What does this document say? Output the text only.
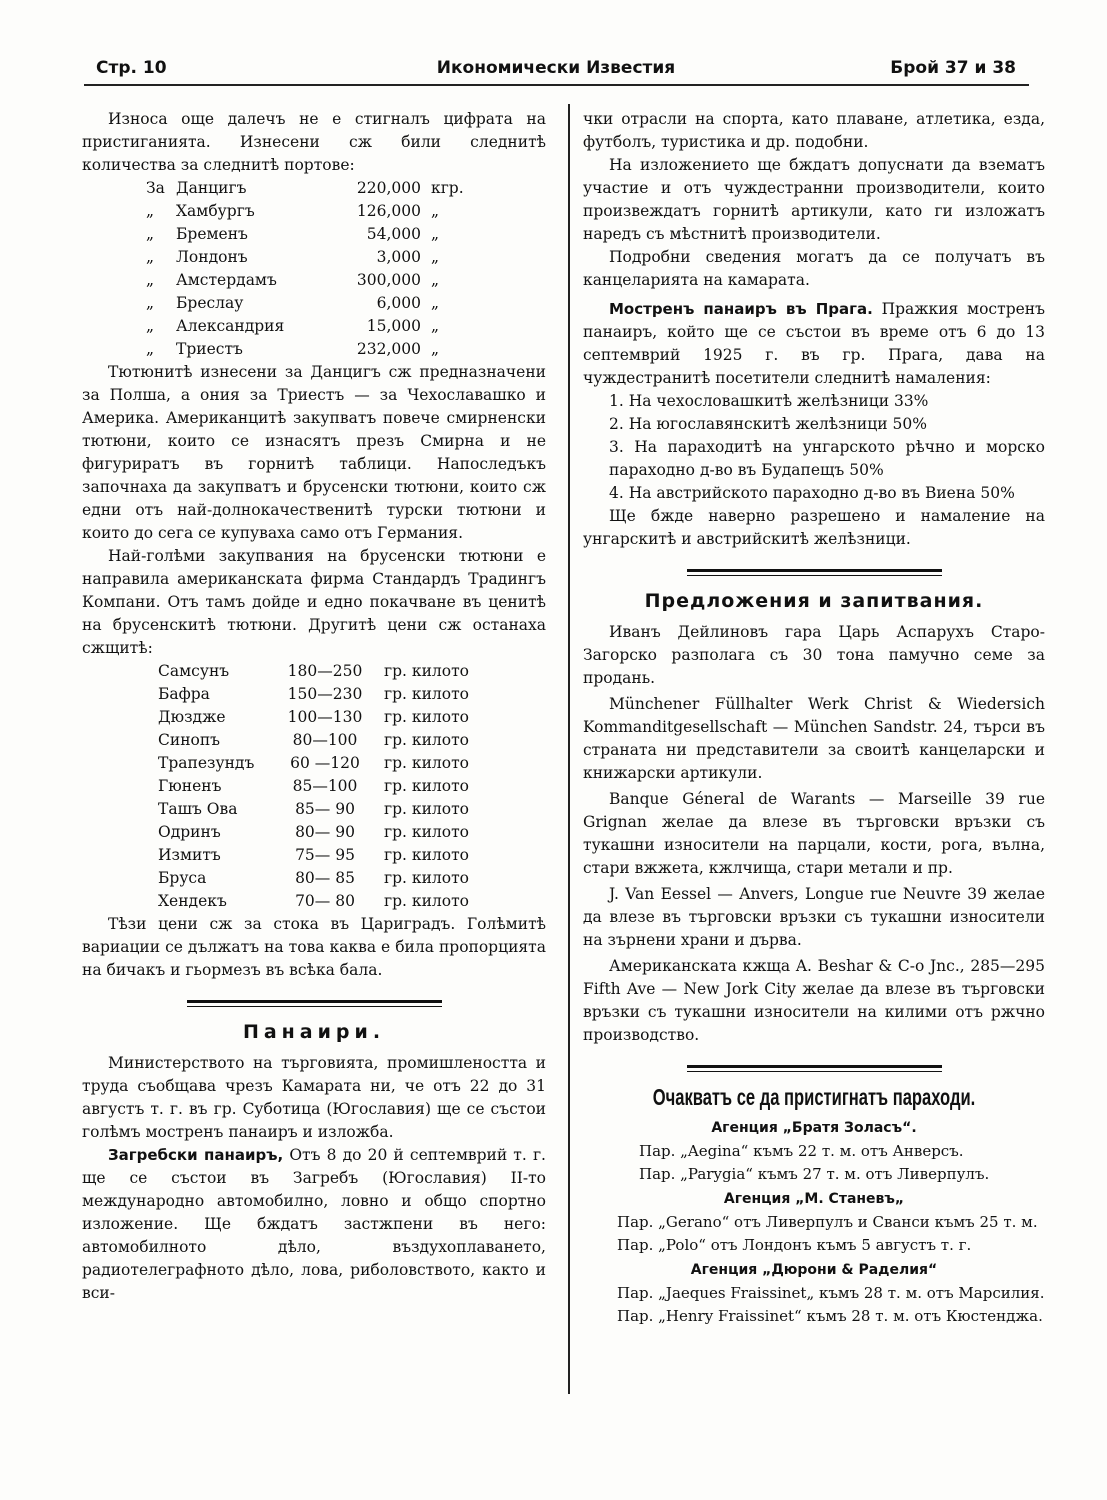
Стр. 10	Икономически Известия	Брой 37 и 38

Износа още далечъ не е стигналъ цифрата на пристиганията. Изнесени сж били следнитѣ количества за следнитѣ портове:

За	Данцигъ	220,000	кгр.
„	Хамбургъ	126,000	„
„	Бременъ	54,000	„
„	Лондонъ	3,000	„
„	Амстердамъ	300,000	„
„	Бреслау	6,000	„
„	Александрия	15,000	„
„	Триестъ	232,000	„

Тютюнитѣ изнесени за Данцигъ сж предназначени за Полша, а ония за Триестъ — за Чехославашко и Америка. Американцитѣ закупватъ повече смирненски тютюни, които се изнасятъ презъ Смирна и не фигуриратъ въ горнитѣ таблици. Напоследъкъ започнаха да закупватъ и брусенски тютюни, които сж едни отъ най-долнокачественитѣ турски тютюни и които до сега се купуваха само отъ Германия.

Най-голѣми закупвания на брусенски тютюни е направила американската фирма Стандардъ Традингъ Компани. Отъ тамъ дойде и едно покачване въ ценитѣ на брусенскитѣ тютюни. Другитѣ цени сж останаха сжщитѣ:

Самсунъ	180—250	гр. килото
Бафра	150—230	гр. килото
Дюздже	100—130	гр. килото
Синопъ	80—100	гр. килото
Трапезундъ	60 —120	гр. килото
Гюненъ	85—100	гр. килото
Ташъ Ова	85— 90	гр. килото
Одринъ	80— 90	гр. килото
Измитъ	75— 95	гр. килото
Бруса	80— 85	гр. килото
Хендекъ	70— 80	гр. килото

Тѣзи цени сж за стока въ Цариградъ. Голѣмитѣ вариации се дължатъ на това каква е била пропорцията на бичакъ и гьормезъ въ всѣка бала.

Панаири.

Министерството на търговията, промишлеността и труда съобщава чрезъ Камарата ни, че отъ 22 до 31 августъ т. г. въ гр. Суботица (Югославия) ще се състои голѣмъ мостренъ панаиръ и изложба.

Загребски панаиръ, Отъ 8 до 20 й септемврий т. г. ще се състои въ Загребъ (Югославия) II-то международно автомобилно, ловно и общо спортно изложение. Ще бждатъ застжпени въ него: автомобилното дѣло, въздухоплаването, радиотелеграфното дѣло, лова, риболовството, както и вси-

чки отрасли на спорта, като плаване, атлетика, езда, футболъ, туристика и др. подобни.

На изложението ще бждатъ допуснати да взематъ участие и отъ чуждестранни производители, които произвеждатъ горнитѣ артикули, като ги изложатъ наредъ съ мѣстнитѣ производители.

Подробни сведения могатъ да се получатъ въ канцеларията на камарата.

Мостренъ панаиръ въ Прага. Пражкия мостренъ панаиръ, който ще се състои въ време отъ 6 до 13 септемврий 1925 г. въ гр. Прага, дава на чуждестранитѣ посетители следнитѣ намаления:

1. На чехословашкитѣ желѣзници 33%

2. На югославянскитѣ желѣзници 50%

3. На параходитѣ на унгарското рѣчно и морско параходно д-во въ Будапещъ 50%

4. На австрийското параходно д-во въ Виена 50%

Ще бжде наверно разрешено и намаление на унгарскитѣ и австрийскитѣ желѣзници.

Предложения и запитвания.

Иванъ Дейлиновъ гара Царь Аспарухъ Старо-Загорско разполага съ 30 тона памучно семе за продань.

Münchener Füllhalter Werk Christ & Wiedersich Kommanditgesellschaft — München Sandstr. 24, търси въ страната ни представители за своитѣ канцеларски и книжарски артикули.

Banque Géneral de Warants — Marseille 39 rue Grignan желае да влезе въ търговски връзки съ тукашни износители на парцали, кости, рога, вълна, стари вжжета, кжлчища, стари метали и пр.

J. Van Eessel — Anvers, Longue rue Neuvre 39 желае да влезе въ търговски връзки съ тукашни износители на зърнени храни и дърва.

Американската кжща A. Beshar & C-o Jnc., 285—295 Fifth Ave — New Jork City желае да влезе въ търговски връзки съ тукашни износители на килими отъ ржчно производство.

Очакватъ се да пристигнатъ параходи.
Агенция „Братя Золасъ“.

Пар. „Aegina“ къмъ 22 т. м. отъ Анверсъ.

Пар. „Parygia“ къмъ 27 т. м. отъ Ливерпулъ.

Агенция „М. Станевъ„

Пар. „Gerano“ отъ Ливерпулъ и Сванси къмъ 25 т. м.

Пар. „Polo“ отъ Лондонъ къмъ 5 августъ т. г.

Агенция „Дюрони & Раделия“

Пар. „Jaeques Fraissinet„ къмъ 28 т. м. отъ Марсилия.

Пар. „Henry Fraissinet“ къмъ 28 т. м. отъ Кюстенджа.
